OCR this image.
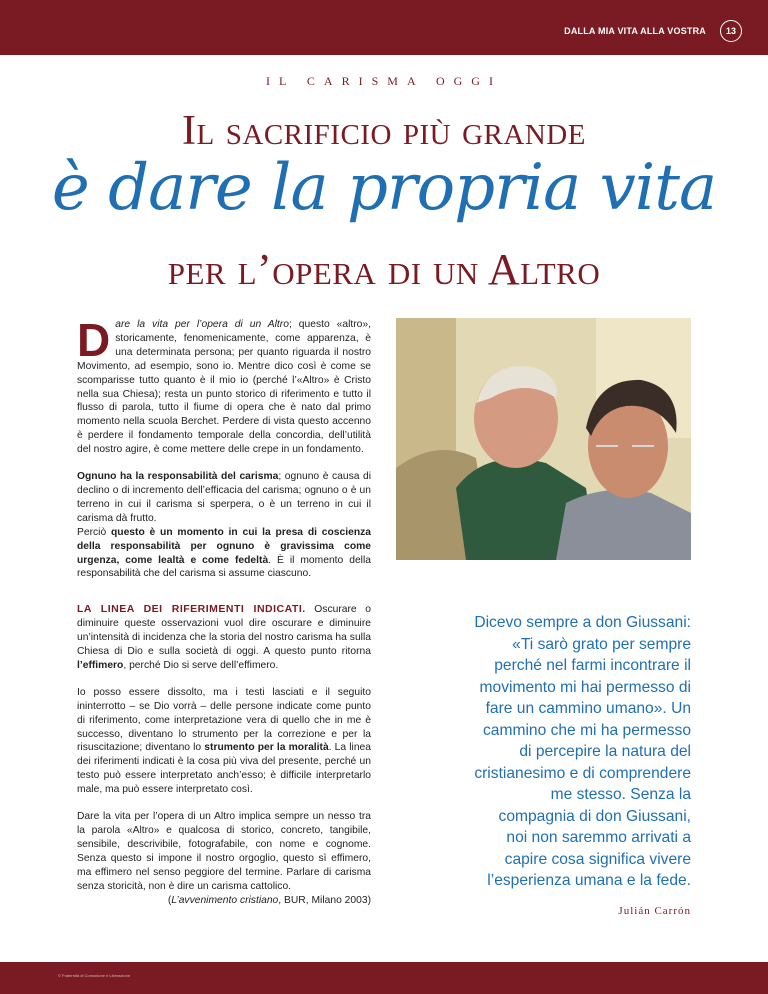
DALLA MIA VITA ALLA VOSTRA	13
IL CARISMA OGGI
Il sacrificio più grande
è dare la propria vita
per l’opera di un Altro

Dare la vita per l’opera di un Altro; questo «altro», storicamente, fenomenicamente, come apparenza, è una determinata persona; per quanto riguarda il nostro Movimento, ad esempio, sono io. Mentre dico così è come se scomparisse tutto quanto è il mio io (perché l’«Altro» è Cristo nella sua Chiesa); resta un punto storico di riferimento e tutto il flusso di parola, tutto il fiume di opera che è nato dal primo momento nella scuola Berchet. Perdere di vista questo accenno è perdere il fondamento temporale della concordia, dell’utilità del nostro agire, è come mettere delle crepe in un fondamento.

Ognuno ha la responsabilità del carisma; ognuno è causa di declino o di incremento dell’efficacia del carisma; ognuno o è un terreno in cui il carisma si sperpera, o è un terreno in cui il carisma dà frutto.

Perciò questo è un momento in cui la presa di coscienza della responsabilità per ognuno è gravissima come urgenza, come lealtà e come fedeltà. È il momento della responsabilità che del carisma si assume ciascuno.

LA LINEA DEI RIFERIMENTI INDICATI. Oscurare o diminuire queste osservazioni vuol dire oscurare e diminuire un’intensità di incidenza che la storia del nostro carisma ha sulla Chiesa di Dio e sulla società di oggi. A questo punto ritorna l’effimero, perché Dio si serve dell’effimero.

Io posso essere dissolto, ma i testi lasciati e il seguito ininterrotto – se Dio vorrà – delle persone indicate come punto di riferimento, come interpretazione vera di quello che in me è successo, diventano lo strumento per la correzione e per la risuscitazione; diventano lo strumento per la moralità. La linea dei riferimenti indicati è la cosa più viva del presente, perché un testo può essere interpretato anch’esso; è difficile interpretarlo male, ma può essere interpretato così.

Dare la vita per l’opera di un Altro implica sempre un nesso tra la parola «Altro» e qualcosa di storico, concreto, tangibile, sensibile, descrivibile, fotografabile, con nome e cognome. Senza questo si impone il nostro orgoglio, questo sì effimero, ma effimero nel senso peggiore del termine. Parlare di carisma senza storicità, non è dire un carisma cattolico.

(L’avvenimento cristiano, BUR, Milano 2003)

Dicevo sempre a don Giussani: «Ti sarò grato per sempre perché nel farmi incontrare il movimento mi hai permesso di fare un cammino umano». Un cammino che mi ha permesso di percepire la natura del cristianesimo e di comprendere me stesso. Senza la compagnia di don Giussani, noi non saremmo arrivati a capire cosa significa vivere l’esperienza umana e la fede.
Julián Carrón
© Fraternità di Comunione e Liberazione
